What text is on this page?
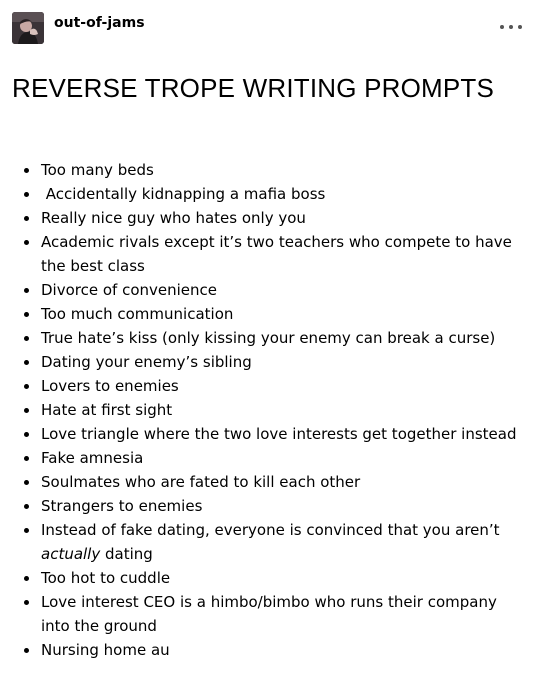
out-of-jams
REVERSE TROPE WRITING PROMPTS
Too many beds
Accidentally kidnapping a mafia boss
Really nice guy who hates only you
Academic rivals except it’s two teachers who compete to have the best class
Divorce of convenience
Too much communication
True hate’s kiss (only kissing your enemy can break a curse)
Dating your enemy’s sibling
Lovers to enemies
Hate at first sight
Love triangle where the two love interests get together instead
Fake amnesia
Soulmates who are fated to kill each other
Strangers to enemies
Instead of fake dating, everyone is convinced that you aren’t actually dating
Too hot to cuddle
Love interest CEO is a himbo/bimbo who runs their company into the ground
Nursing home au
